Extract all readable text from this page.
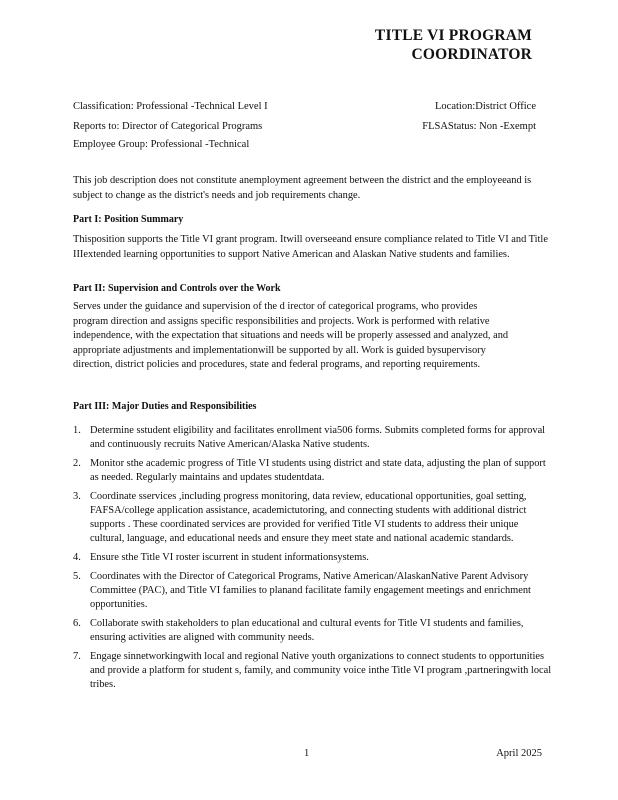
TITLE VI PROGRAM
COORDINATOR
Classification: Professional -Technical Level I
Reports to: Director of Categorical Programs
Employee Group: Professional -Technical
Location:District Office
FLSAStatus: Non -Exempt
This job description does not constitute anemployment agreement between the district and the employeeand is subject to change as the district's needs and job requirements change.
Part I: Position Summary
Thisposition supports the Title VI grant program. Itwill overseeand ensure compliance related to Title VI and Title IIIextended learning opportunities to support Native American and Alaskan Native students and families.
Part II: Supervision and Controls over the Work
Serves under the guidance and supervision of the d irector of categorical programs, who provides program direction and assigns specific responsibilities and projects. Work is performed with relative independence, with the expectation that situations and needs will be properly assessed and analyzed, and appropriate adjustments and implementationwill be supported by all. Work is guided bysupervisory direction, district policies and procedures, state and federal programs, and reporting requirements.
Part III: Major Duties and Responsibilities
1. Determine sstudent eligibility and facilitates enrollment via506 forms. Submits completed forms for approval and continuously recruits Native American/Alaska Native students.
2. Monitor sthe academic progress of Title VI students using district and state data, adjusting the plan of support as needed. Regularly maintains and updates studentdata.
3. Coordinate sservices ,including progress monitoring, data review, educational opportunities, goal setting, FAFSA/college application assistance, academictutoring, and connecting students with additional district supports . These coordinated services are provided for verified Title VI students to address their unique cultural, language, and educational needs and ensure they meet state and national academic standards.
4. Ensure sthe Title VI roster iscurrent in student informationsystems.
5. Coordinates with the Director of Categorical Programs, Native American/AlaskanNative Parent Advisory Committee (PAC), and Title VI families to planand facilitate family engagement meetings and enrichment opportunities.
6. Collaborate swith stakeholders to plan educational and cultural events for Title VI students and families, ensuring activities are aligned with community needs.
7. Engage sinnetworkingwith local and regional Native youth organizations to connect students to opportunities and provide a platform for student s, family, and community voice inthe Title VI program ,partneringwith local tribes.
1	April 2025
